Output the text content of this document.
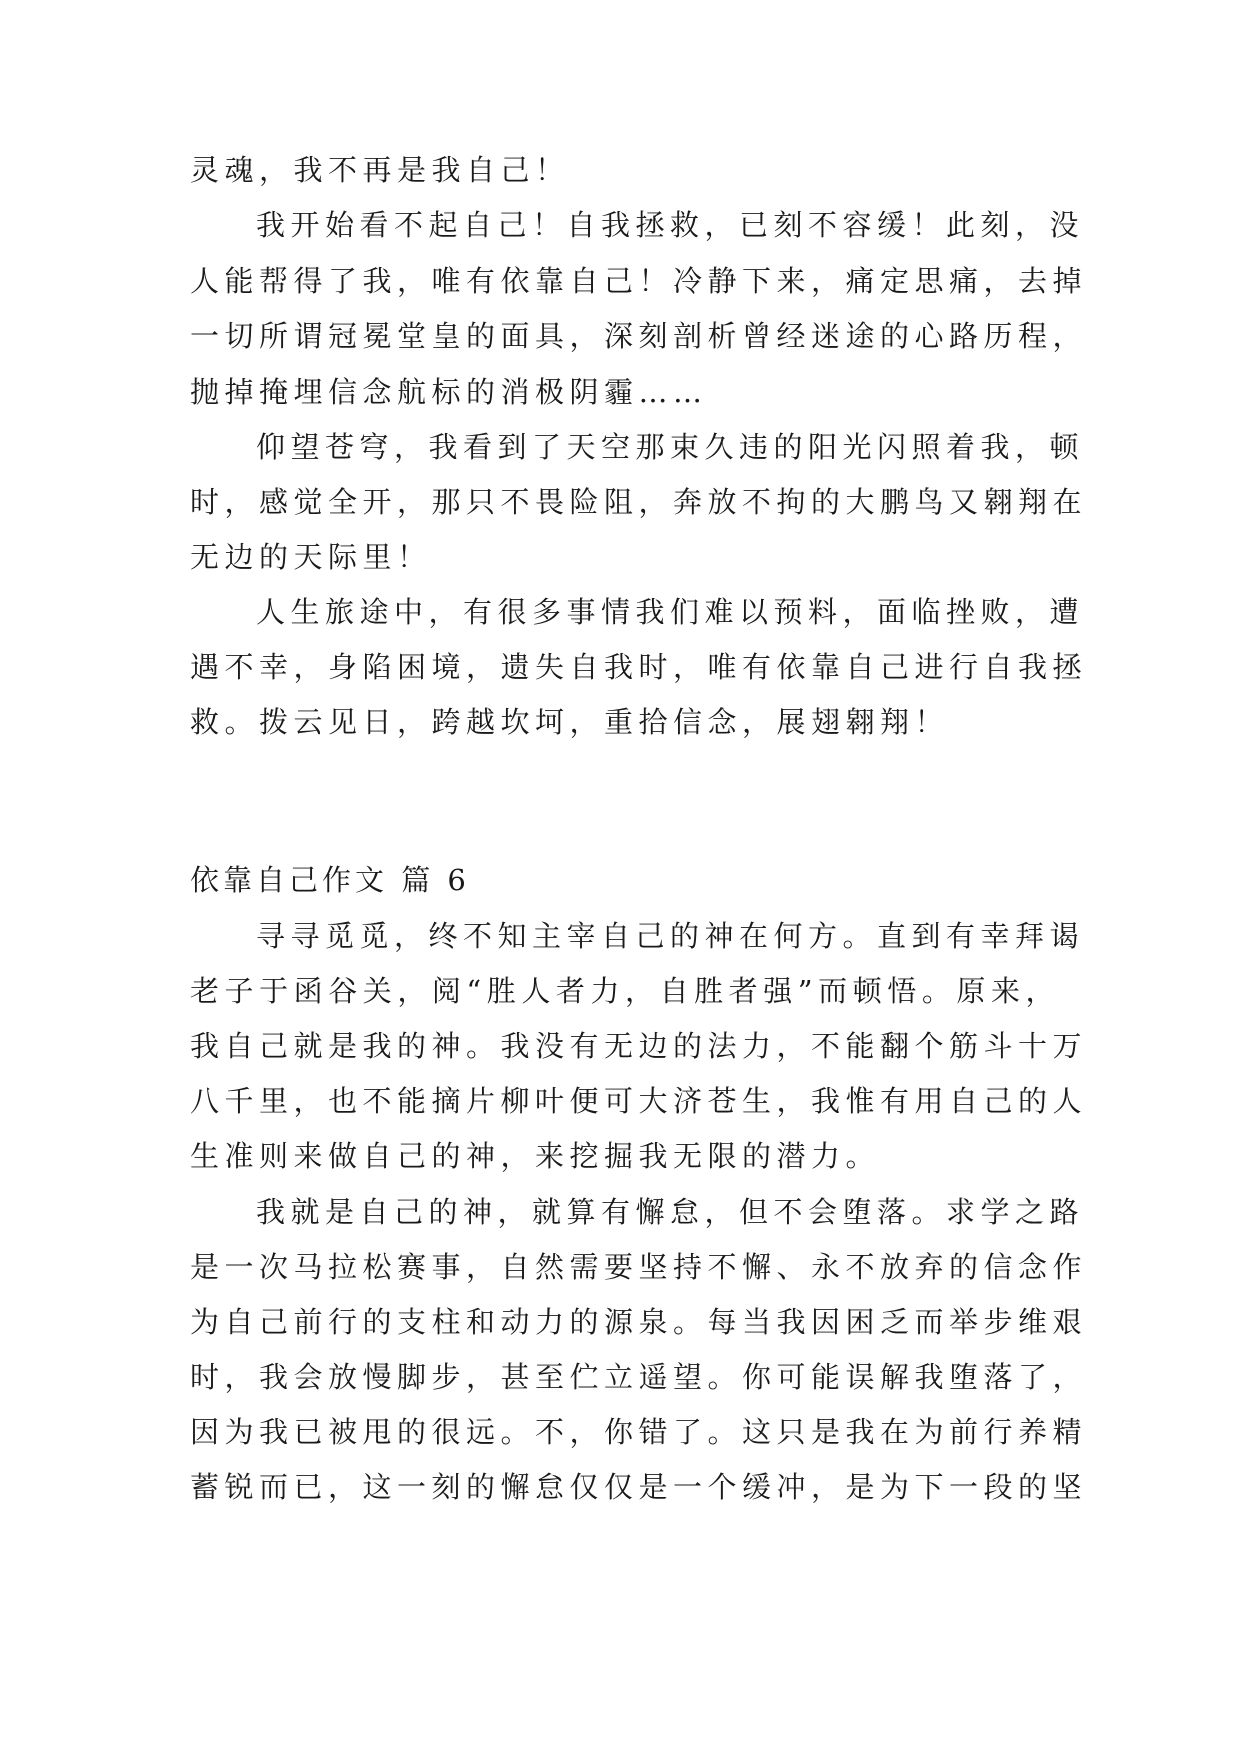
灵魂，我不再是我自己！
我开始看不起自己！自我拯救，已刻不容缓！此刻，没
人能帮得了我，唯有依靠自己！冷静下来，痛定思痛，去掉
一切所谓冠冕堂皇的面具，深刻剖析曾经迷途的心路历程，
抛掉掩埋信念航标的消极阴霾……
仰望苍穹，我看到了天空那束久违的阳光闪照着我，顿
时，感觉全开，那只不畏险阻，奔放不拘的大鹏鸟又翱翔在
无边的天际里！
人生旅途中，有很多事情我们难以预料，面临挫败，遭
遇不幸，身陷困境，遗失自我时，唯有依靠自己进行自我拯
救。拨云见日，跨越坎坷，重拾信念，展翅翱翔！
依靠自己作文 篇 6
寻寻觅觅，终不知主宰自己的神在何方。直到有幸拜谒
老子于函谷关，阅“胜人者力，自胜者强”而顿悟。原来，
我自己就是我的神。我没有无边的法力，不能翻个筋斗十万
八千里，也不能摘片柳叶便可大济苍生，我惟有用自己的人
生准则来做自己的神，来挖掘我无限的潜力。
我就是自己的神，就算有懈怠，但不会堕落。求学之路
是一次马拉松赛事，自然需要坚持不懈、永不放弃的信念作
为自己前行的支柱和动力的源泉。每当我因困乏而举步维艰
时，我会放慢脚步，甚至伫立遥望。你可能误解我堕落了，
因为我已被甩的很远。不，你错了。这只是我在为前行养精
蓄锐而已，这一刻的懈怠仅仅是一个缓冲，是为下一段的坚
